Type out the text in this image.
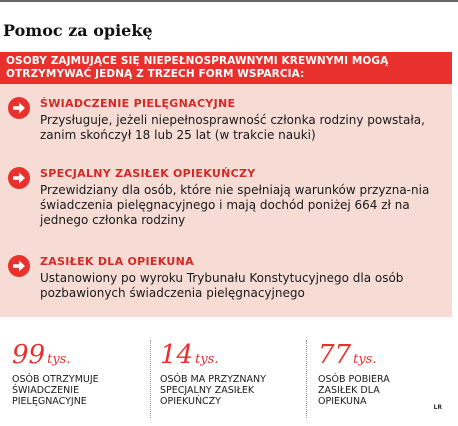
Pomoc za opiekę
OSOBY ZAJMUJĄCE SIĘ NIEPEŁNOSPRAWNYMI KREWNYMI MOGĄ OTRZYMYWAĆ JEDNĄ Z TRZECH FORM WSPARCIA:
ŚWIADCZENIE PIELĘGNACYJNE
Przysługuje, jeżeli niepełnosprawność członka rodziny powstała, zanim skończył 18 lub 25 lat (w trakcie nauki)
SPECJALNY ZASIŁEK OPIEKUŃCZY
Przewidziany dla osób, które nie spełniają warunków przyzna-nia świadczenia pielęgnacyjnego i mają dochód poniżej 664 zł na jednego członka rodziny
ZASIŁEK DLA OPIEKUNA
Ustanowiony po wyroku Trybunału Konstytucyjnego dla osób pozbawionych świadczenia pielęgnacyjnego
99 tys.
OSÓB OTRZYMUJE ŚWIADCZENIE PIELĘGNACYJNE
14 tys.
OSÓB MA PRZYZNANY SPECJALNY ZASIŁEK OPIEKUŃCZY
77 tys.
OSÓB POBIERA ZASIŁEK DLA OPIEKUNA
LR
